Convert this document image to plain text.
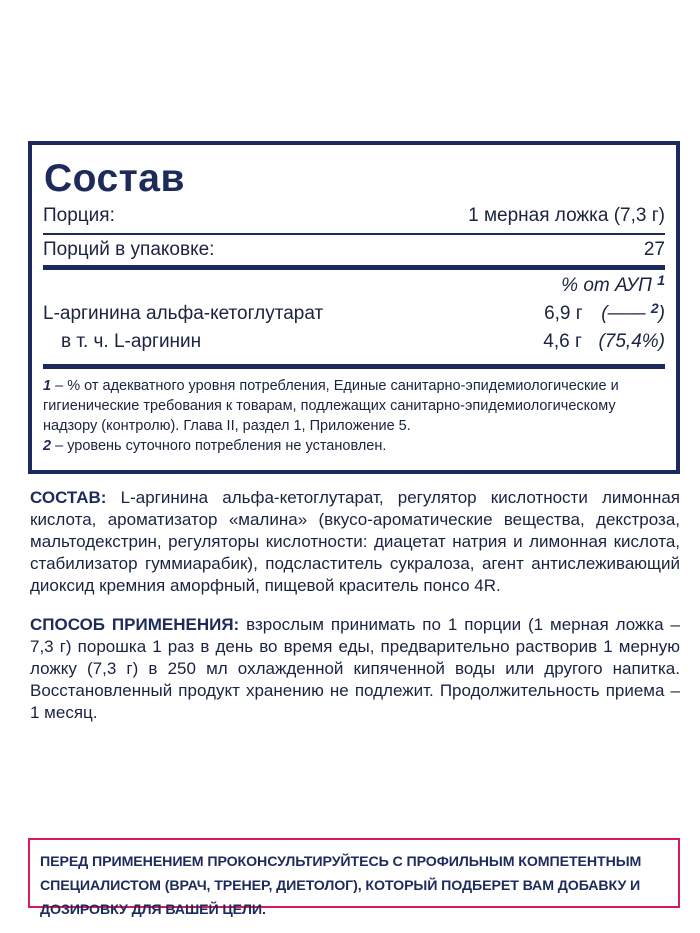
Состав
Порция:	1 мерная ложка (7,3 г)
Порций в упаковке:	27
% от АУП $^1$
L-аргинина альфа-кетоглутарат	6,9 г (—— $^2$)
в т. ч. L-аргинин	4,6 г (75,4%)
1 – % от адекватного уровня потребления, Единые санитарно-эпидемиологические и гигиенические требования к товарам, подлежащих санитарно-эпидемиологическому надзору (контролю). Глава II, раздел 1, Приложение 5.
2 – уровень суточного потребления не установлен.
СОСТАВ: L-аргинина альфа-кетоглутарат, регулятор кислотности лимонная кислота, ароматизатор «малина» (вкусо-ароматические вещества, декстроза, мальтодекстрин, регуляторы кислотности: диацетат натрия и лимонная кислота, стабилизатор гуммиарабик), подсластитель сукралоза, агент антислеживающий диоксид кремния аморфный, пищевой краситель понсо 4R.
СПОСОБ ПРИМЕНЕНИЯ: взрослым принимать по 1 порции (1 мерная ложка – 7,3 г) порошка 1 раз в день во время еды, предварительно растворив 1 мерную ложку (7,3 г) в 250 мл охлажденной кипяченной воды или другого напитка. Восстановленный продукт хранению не подлежит. Продолжительность приема – 1 месяц.
ПЕРЕД ПРИМЕНЕНИЕМ ПРОКОНСУЛЬТИРУЙТЕСЬ С ПРОФИЛЬНЫМ КОМПЕТЕНТНЫМ СПЕЦИАЛИСТОМ (ВРАЧ, ТРЕНЕР, ДИЕТОЛОГ), КОТОРЫЙ ПОДБЕРЕТ ВАМ ДОБАВКУ И ДОЗИРОВКУ ДЛЯ ВАШЕЙ ЦЕЛИ.
